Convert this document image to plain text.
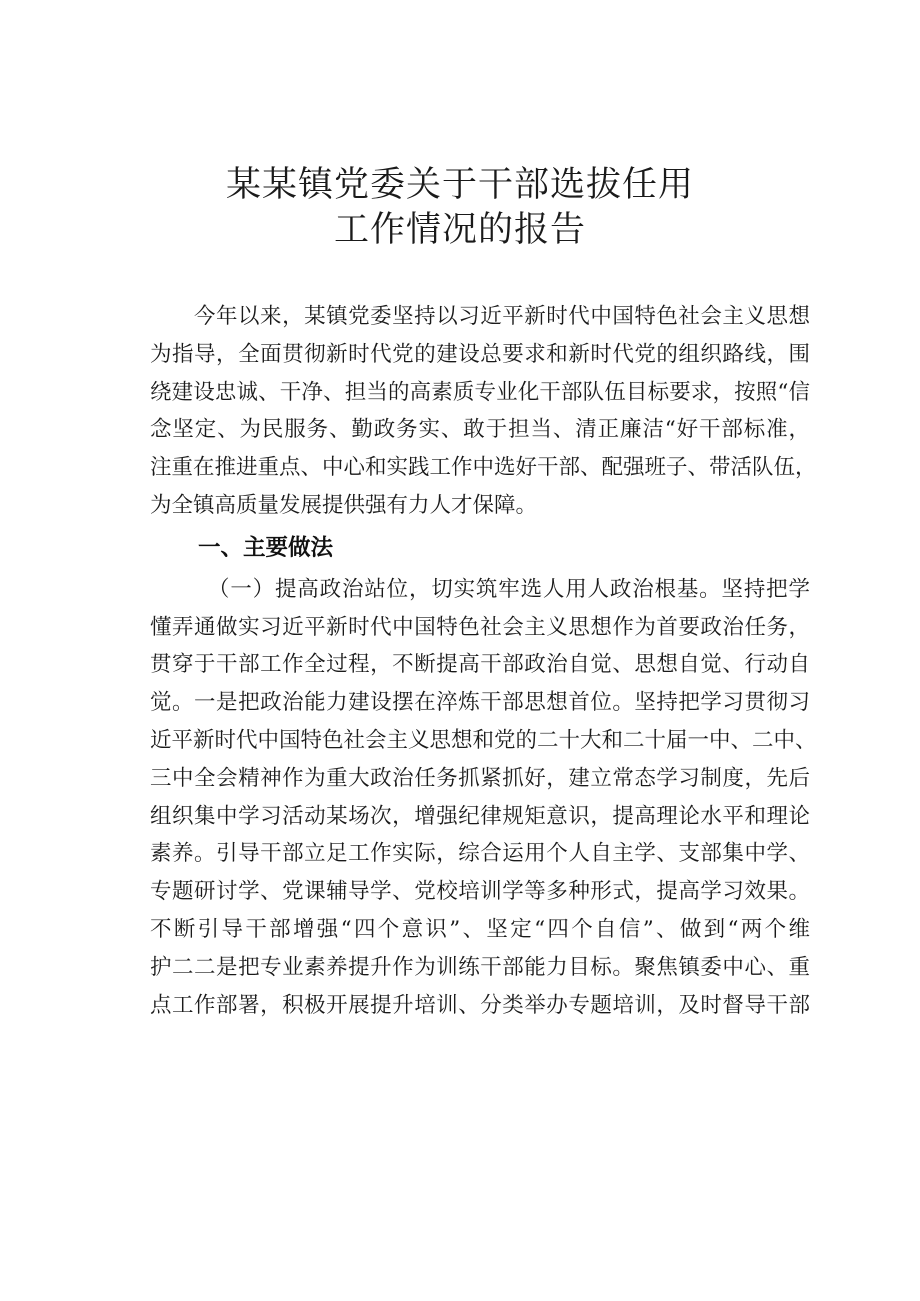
某某镇党委关于干部选拔任用
工作情况的报告
今年以来，某镇党委坚持以习近平新时代中国特色社会主义思想
为指导，全面贯彻新时代党的建设总要求和新时代党的组织路线，围
绕建设忠诚、干净、担当的高素质专业化干部队伍目标要求，按照“信
念坚定、为民服务、勤政务实、敢于担当、清正廉洁“好干部标准，
注重在推进重点、中心和实践工作中选好干部、配强班子、带活队伍，
为全镇高质量发展提供强有力人才保障。
一、主要做法
（一）提高政治站位，切实筑牢选人用人政治根基。坚持把学
懂弄通做实习近平新时代中国特色社会主义思想作为首要政治任务，
贯穿于干部工作全过程，不断提高干部政治自觉、思想自觉、行动自
觉。一是把政治能力建设摆在淬炼干部思想首位。坚持把学习贯彻习
近平新时代中国特色社会主义思想和党的二十大和二十届一中、二中、
三中全会精神作为重大政治任务抓紧抓好，建立常态学习制度，先后
组织集中学习活动某场次，增强纪律规矩意识，提高理论水平和理论
素养。引导干部立足工作实际，综合运用个人自主学、支部集中学、
专题研讨学、党课辅导学、党校培训学等多种形式，提高学习效果。
不断引导干部增强“四个意识”、坚定“四个自信”、做到“两个维
护二二是把专业素养提升作为训练干部能力目标。聚焦镇委中心、重
点工作部署，积极开展提升培训、分类举办专题培训，及时督导干部
